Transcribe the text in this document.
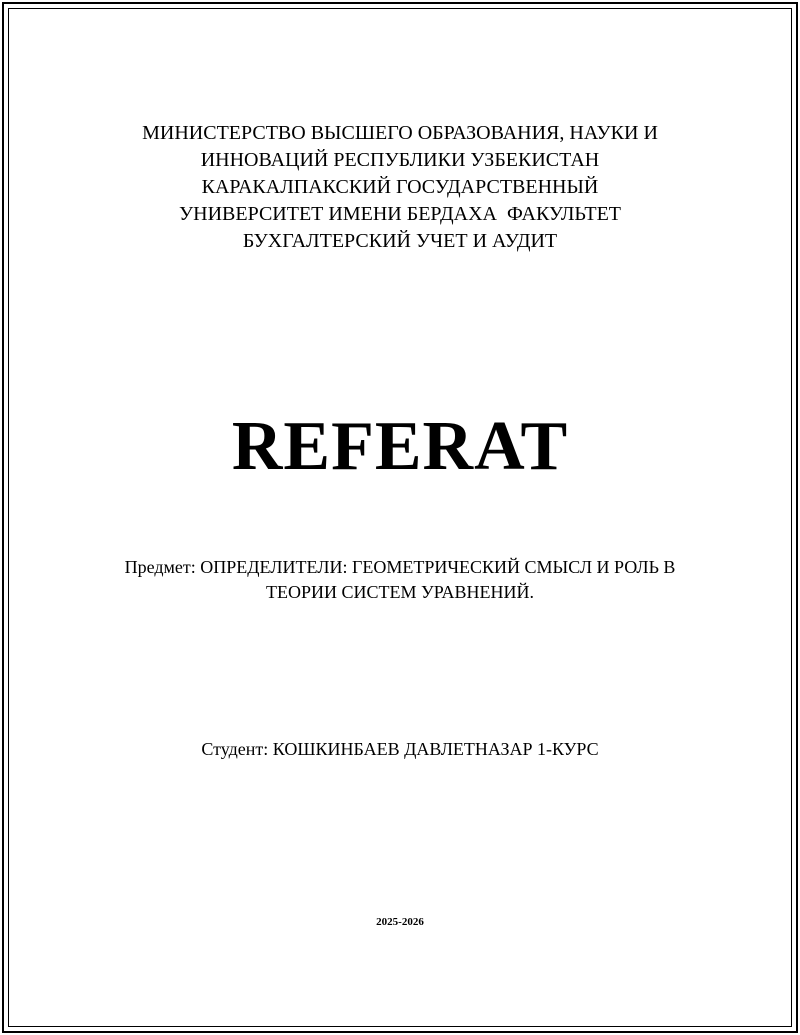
МИНИСТЕРСТВО ВЫСШЕГО ОБРАЗОВАНИЯ, НАУКИ И
ИННОВАЦИЙ РЕСПУБЛИКИ УЗБЕКИСТАН
КАРАКАЛПАКСКИЙ ГОСУДАРСТВЕННЫЙ
УНИВЕРСИТЕТ ИМЕНИ БЕРДАХА  ФАКУЛЬТЕТ
БУХГАЛТЕРСКИЙ УЧЕТ И АУДИТ
REFERAT
Предмет: ОПРЕДЕЛИТЕЛИ: ГЕОМЕТРИЧЕСКИЙ СМЫСЛ И РОЛЬ В
ТЕОРИИ СИСТЕМ УРАВНЕНИЙ.
Студент: КОШКИНБАЕВ ДАВЛЕТНАЗАР 1-КУРС
2025-2026
